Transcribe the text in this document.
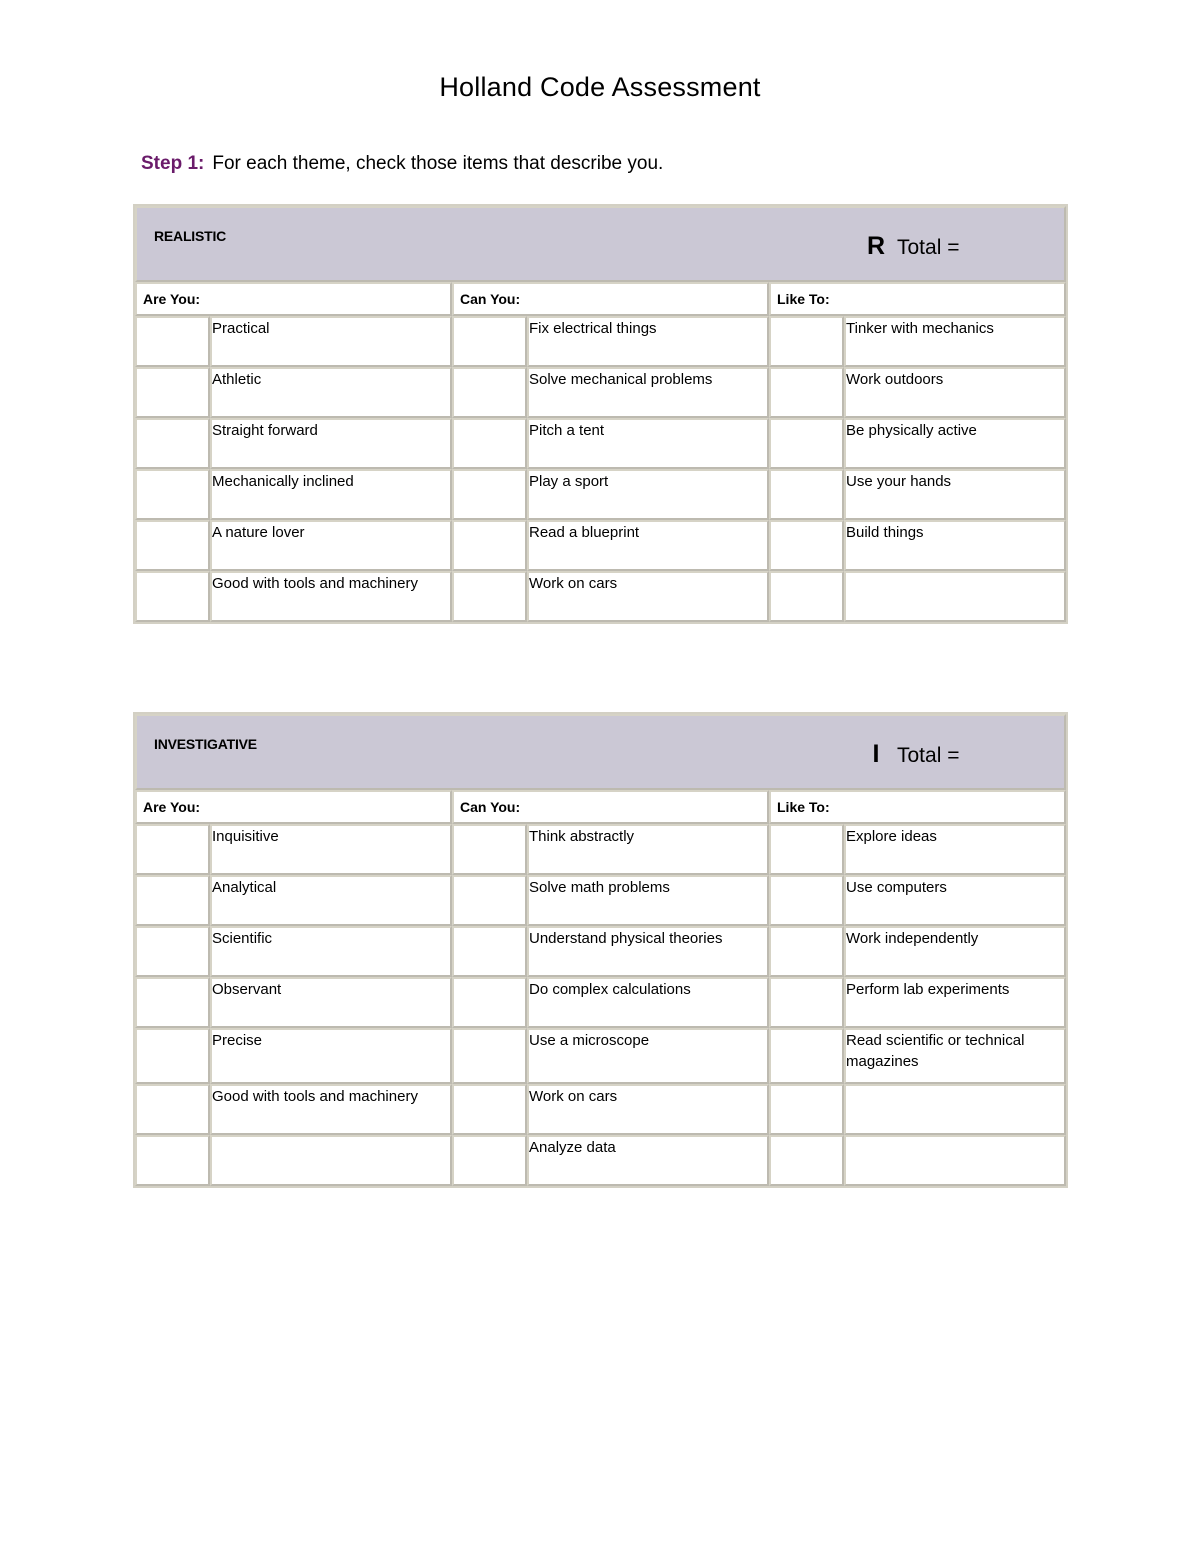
Holland Code Assessment
Step 1: For each theme, check those items that describe you.
REALISTIC R Total =					

Are You:		Can You:		Like To:	
	Practical		Fix electrical things		Tinker with mechanics
	Athletic		Solve mechanical problems		Work outdoors
	Straight forward		Pitch a tent		Be physically active
	Mechanically inclined		Play a sport		Use your hands
	A nature lover		Read a blueprint		Build things
	Good with tools and machinery		Work on cars		
INVESTIGATIVE I Total =					

Are You:		Can You:		Like To:	
	Inquisitive		Think abstractly		Explore ideas
	Analytical		Solve math problems		Use computers
	Scientific		Understand physical theories		Work independently
	Observant		Do complex calculations		Perform lab experiments
	Precise		Use a microscope		Read scientific or technical magazines
	Good with tools and machinery		Work on cars		
			Analyze data		
